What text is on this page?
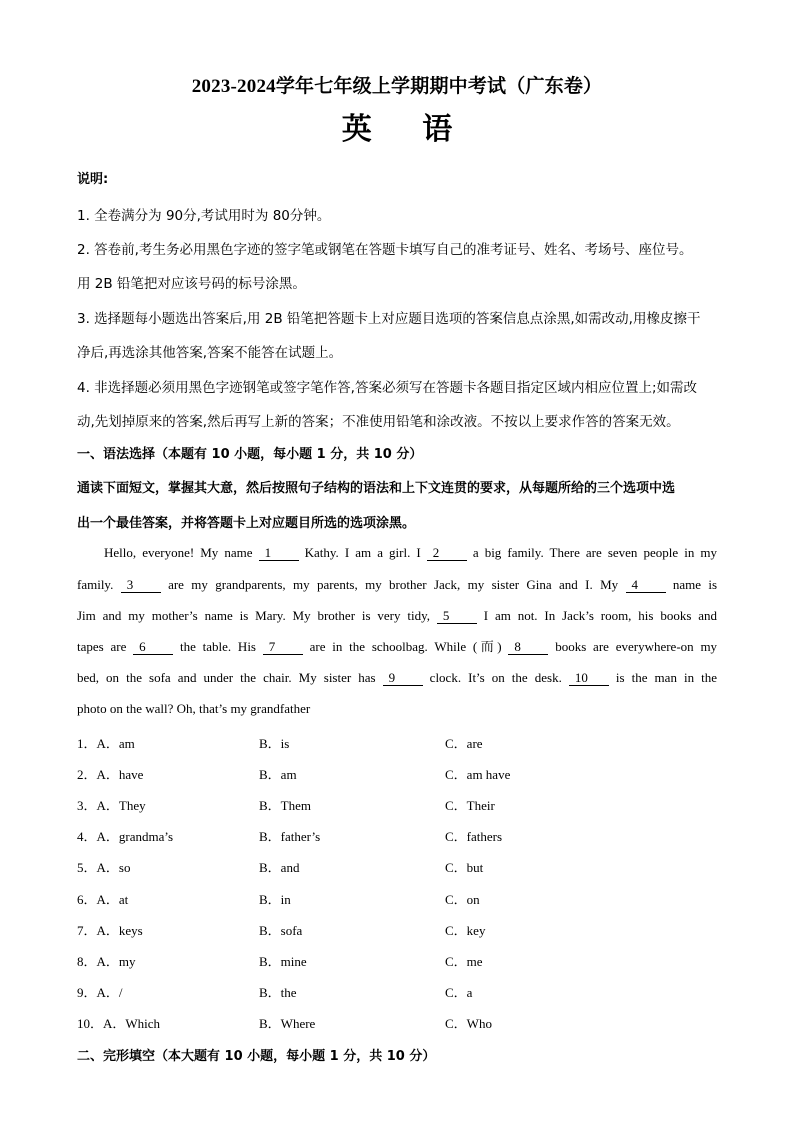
2023-2024学年七年级上学期期中考试（广东卷）
英 语
说明:
1. 全卷满分为 90分,考试用时为 80分钟。
2. 答卷前,考生务必用黑色字迹的签字笔或钢笔在答题卡填写自己的准考证号、姓名、考场号、座位号。
用 2B 铅笔把对应该号码的标号涂黑。
3. 选择题每小题选出答案后,用 2B 铅笔把答题卡上对应题目选项的答案信息点涂黑,如需改动,用橡皮擦干
净后,再选涂其他答案,答案不能答在试题上。
4. 非选择题必须用黑色字迹钢笔或签字笔作答,答案必须写在答题卡各题目指定区域内相应位置上;如需改
动,先划掉原来的答案,然后再写上新的答案；不准使用铅笔和涂改液。不按以上要求作答的答案无效。
一、语法选择（本题有 10 小题，每小题 1 分，共 10 分）
通读下面短文，掌握其大意，然后按照句子结构的语法和上下文连贯的要求，从每题所给的三个选项中选
出一个最佳答案，并将答题卡上对应题目所选的选项涂黑。
Hello, everyone! My name 1	Kathy. I am a girl. I 2	a big family. There are seven people in my
family. 3	are my grandparents, my parents, my brother Jack, my sister Gina and I. My 4	name is
Jim and my mother’s name is Mary. My brother is very tidy, 5	I am not. In Jack’s room, his books and
tapes are 6	the table. His 7	are in the schoolbag. While (而) 8	books are everywhere-on my
bed, on the sofa and under the chair. My sister has 9	clock. It’s on the desk. 10 is the man in the
photo on the wall? Oh, that’s my grandfather
1．A．am	B．is	C．are
2．A．have	B．am	C．am have
3．A．They	B．Them	C．Their
4．A．grandma’s	B．father’s	C．fathers
5．A．so	B．and	C．but
6．A．at	B．in	C．on
7．A．keys	B．sofa	C．key
8．A．my	B．mine	C．me
9．A．/	B．the	C．a
10．A．Which	B．Where	C．Who
二、完形填空（本大题有 10 小题，每小题 1 分，共 10 分）
